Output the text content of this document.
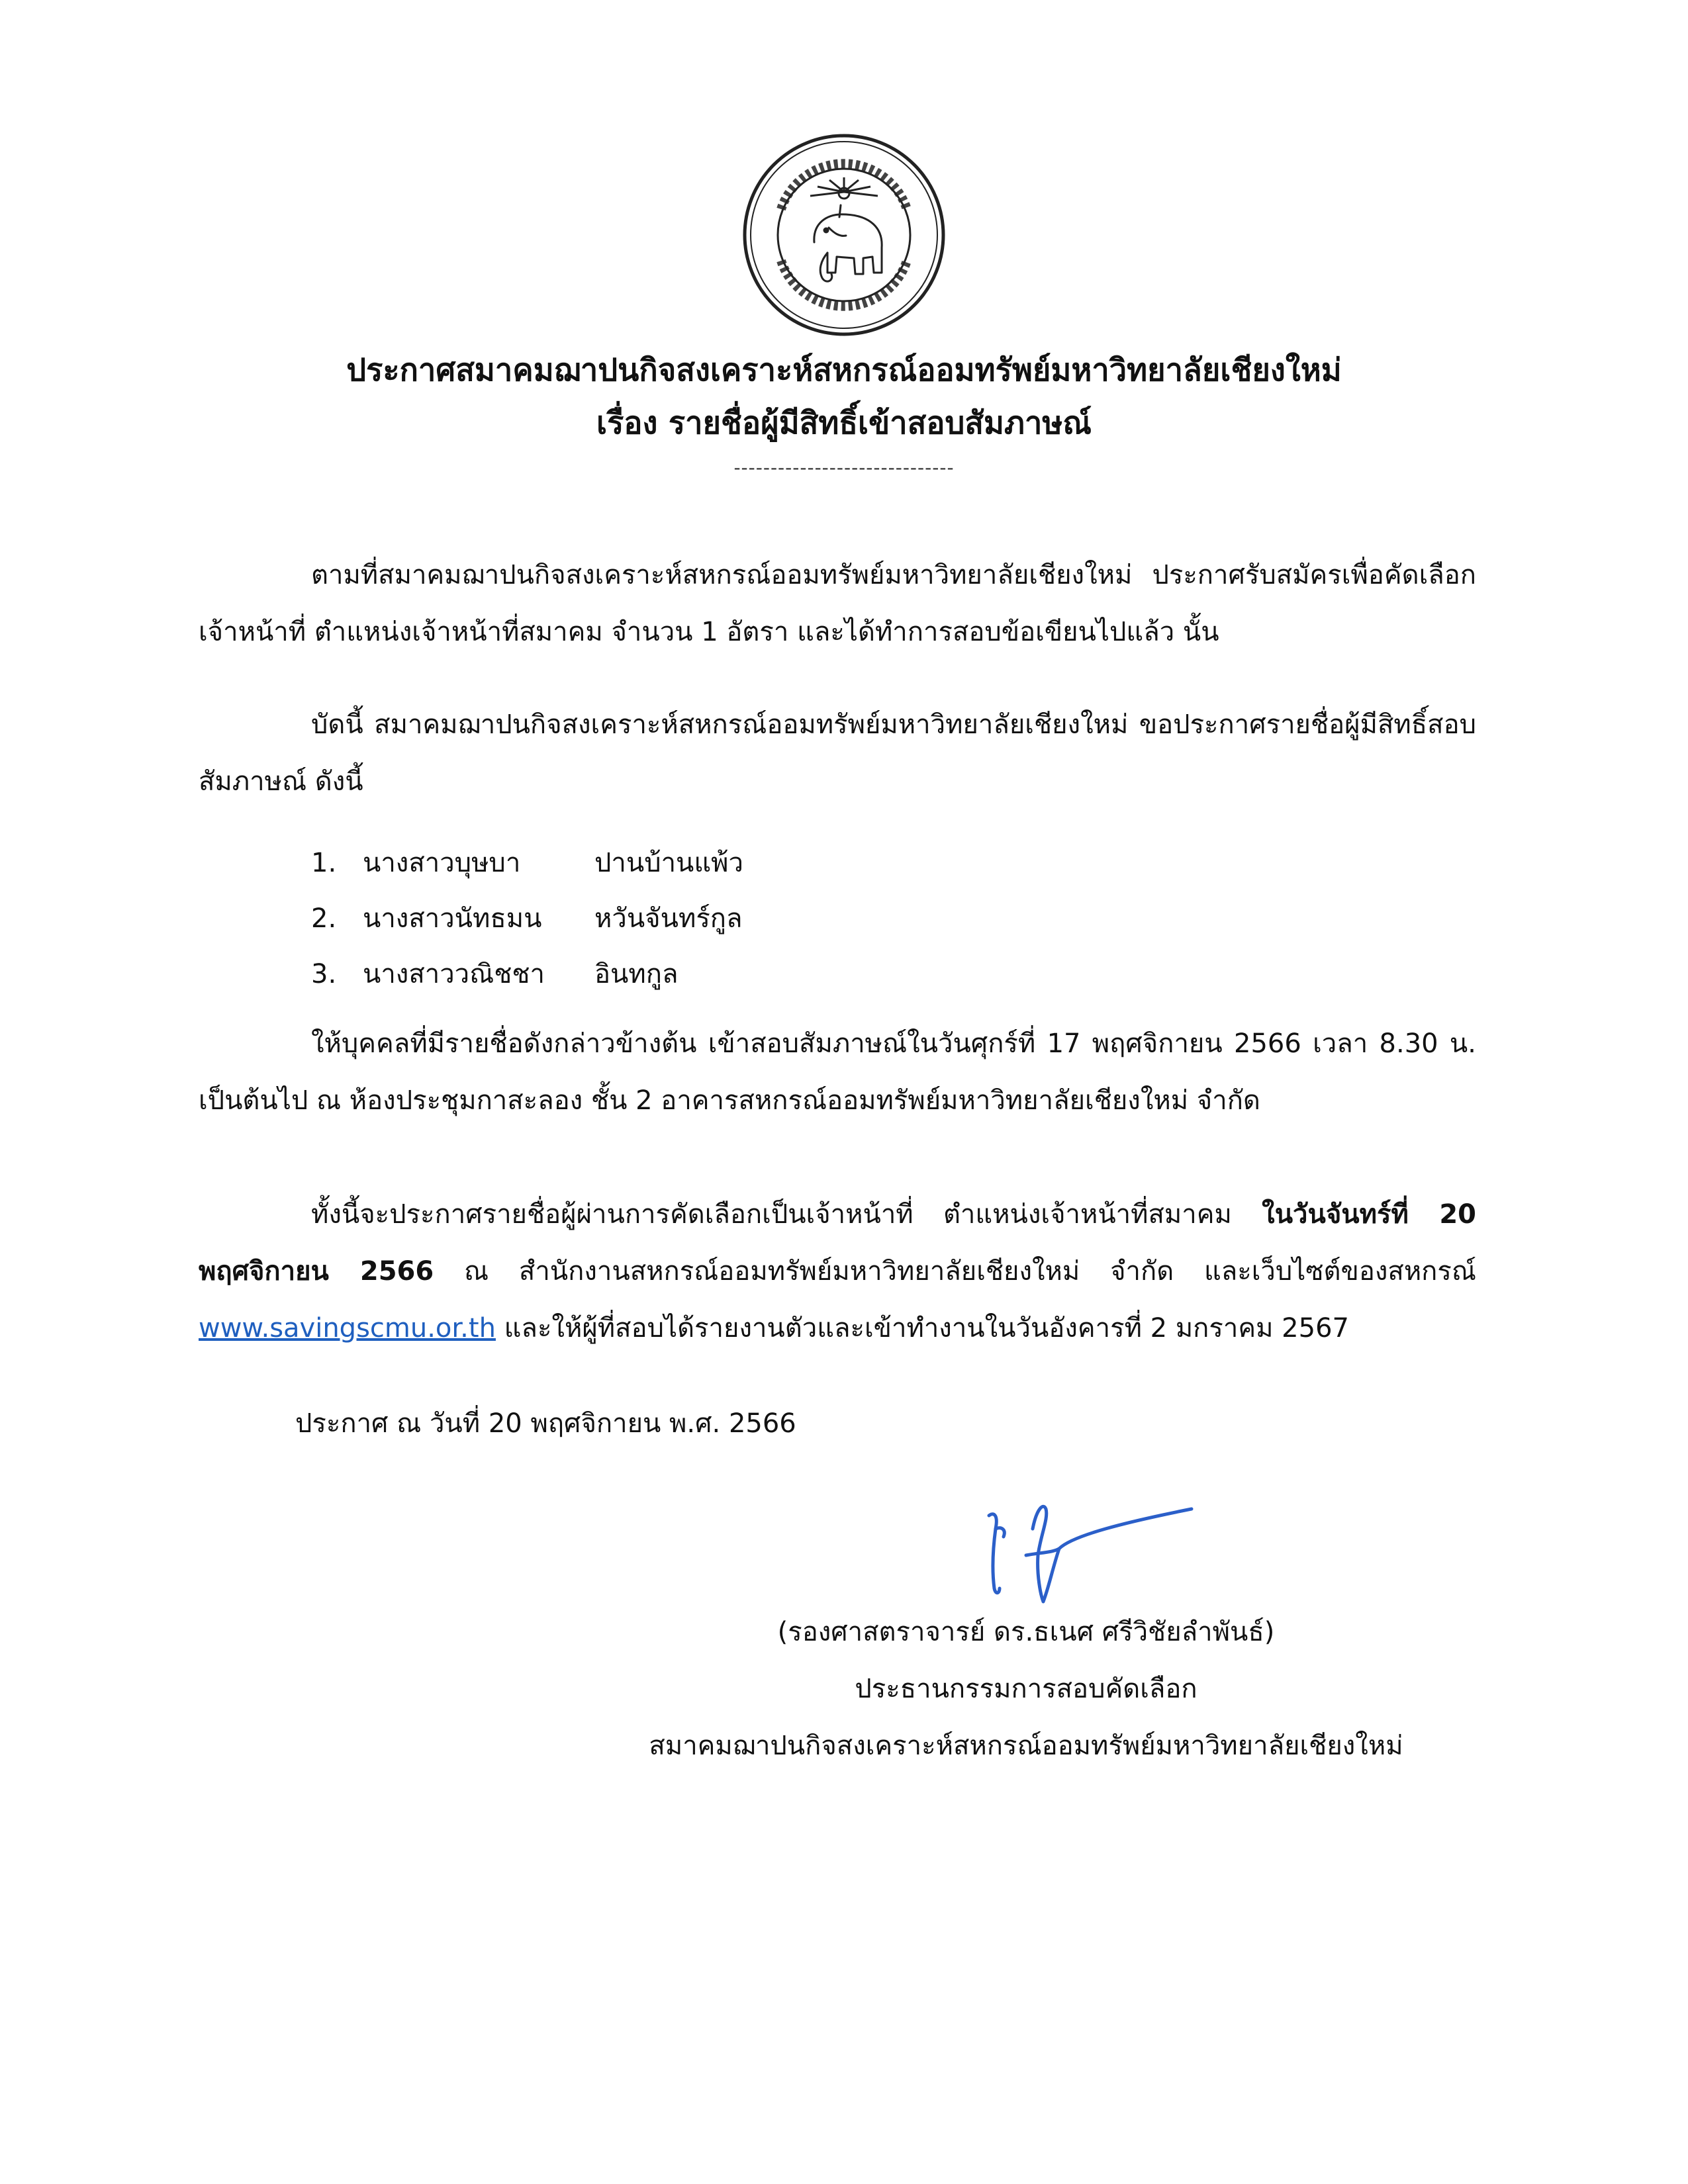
ประกาศสมาคมฌาปนกิจสงเคราะห์สหกรณ์ออมทรัพย์มหาวิทยาลัยเชียงใหม่
เรื่อง รายชื่อผู้มีสิทธิ์เข้าสอบสัมภาษณ์
------------------------------
ตามที่สมาคมฌาปนกิจสงเคราะห์สหกรณ์ออมทรัพย์มหาวิทยาลัยเชียงใหม่ ประกาศรับสมัครเพื่อคัดเลือกเจ้าหน้าที่ ตำแหน่งเจ้าหน้าที่สมาคม จำนวน 1 อัตรา และได้ทำการสอบข้อเขียนไปแล้ว นั้น
บัดนี้ สมาคมฌาปนกิจสงเคราะห์สหกรณ์ออมทรัพย์มหาวิทยาลัยเชียงใหม่ ขอประกาศรายชื่อผู้มีสิทธิ์สอบสัมภาษณ์ ดังนี้
1. นางสาวบุษบา	ปานบ้านแพ้ว
2. นางสาวนัทธมน	หวันจันทร์กูล
3. นางสาววณิชชา	อินทกูล
ให้บุคคลที่มีรายชื่อดังกล่าวข้างต้น เข้าสอบสัมภาษณ์ในวันศุกร์ที่ 17 พฤศจิกายน 2566 เวลา 8.30 น. เป็นต้นไป ณ ห้องประชุมกาสะลอง ชั้น 2 อาคารสหกรณ์ออมทรัพย์มหาวิทยาลัยเชียงใหม่ จำกัด
ทั้งนี้จะประกาศรายชื่อผู้ผ่านการคัดเลือกเป็นเจ้าหน้าที่ ตำแหน่งเจ้าหน้าที่สมาคม ในวันจันทร์ที่ 20 พฤศจิกายน 2566 ณ สำนักงานสหกรณ์ออมทรัพย์มหาวิทยาลัยเชียงใหม่ จำกัด และเว็บไซต์ของสหกรณ์ www.savingscmu.or.th และให้ผู้ที่สอบได้รายงานตัวและเข้าทำงานในวันอังคารที่ 2 มกราคม 2567
ประกาศ ณ วันที่ 20 พฤศจิกายน พ.ศ. 2566
(รองศาสตราจารย์ ดร.ธเนศ ศรีวิชัยลำพันธ์)
ประธานกรรมการสอบคัดเลือก
สมาคมฌาปนกิจสงเคราะห์สหกรณ์ออมทรัพย์มหาวิทยาลัยเชียงใหม่
